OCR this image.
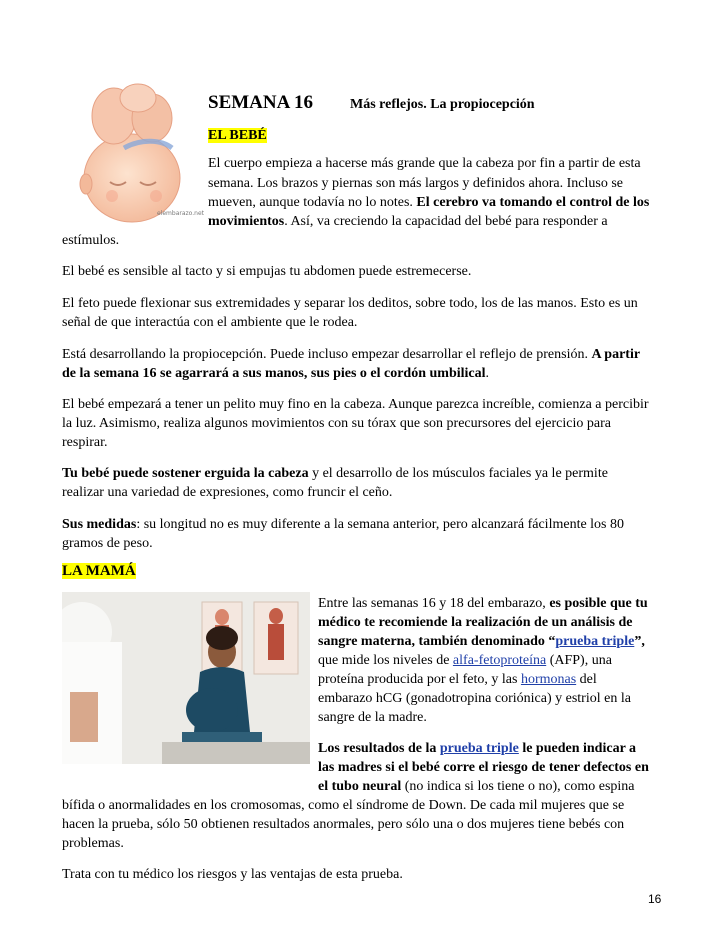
elembarazo.net
SEMANA 16	Más reflejos. La propiocepción
EL BEBÉ
El cuerpo empieza a hacerse más grande que la cabeza por fin a partir de esta
semana. Los brazos y piernas son más largos y definidos ahora. Incluso se
mueven, aunque todavía no lo notes. El cerebro va tomando el control de los
movimientos. Así, va creciendo la capacidad del bebé para responder a
estímulos.
El bebé es sensible al tacto y si empujas tu abdomen puede estremecerse.
El feto puede flexionar sus extremidades y separar los deditos, sobre todo, los de las manos. Esto es un
señal de que interactúa con el ambiente que le rodea.
Está desarrollando la propiocepción. Puede incluso empezar desarrollar el reflejo de prensión. A partir
de la semana 16 se agarrará a sus manos, sus pies o el cordón umbilical.
El bebé empezará a tener un pelito muy fino en la cabeza. Aunque parezca increíble, comienza a percibir
la luz. Asimismo, realiza algunos movimientos con su tórax que son precursores del ejercicio para
respirar.
Tu bebé puede sostener erguida la cabeza y el desarrollo de los músculos faciales ya le permite
realizar una variedad de expresiones, como fruncir el ceño.
Sus medidas: su longitud no es muy diferente a la semana anterior, pero alcanzará fácilmente los 80
gramos de peso.
LA MAMÁ
Entre las semanas 16 y 18 del embarazo, es posible que tu
médico te recomiende la realización de un análisis de
sangre materna, también denominado “prueba triple”,
que mide los niveles de alfa-fetoproteína (AFP), una
proteína producida por el feto, y las hormonas del
embarazo hCG (gonadotropina coriónica) y estriol en la
sangre de la madre.
Los resultados de la prueba triple le pueden indicar a
las madres si el bebé corre el riesgo de tener defectos en
el tubo neural (no indica si los tiene o no), como espina
bífida o anormalidades en los cromosomas, como el síndrome de Down. De cada mil mujeres que se
hacen la prueba, sólo 50 obtienen resultados anormales, pero sólo una o dos mujeres tiene bebés con
problemas.
Trata con tu médico los riesgos y las ventajas de esta prueba.
16
